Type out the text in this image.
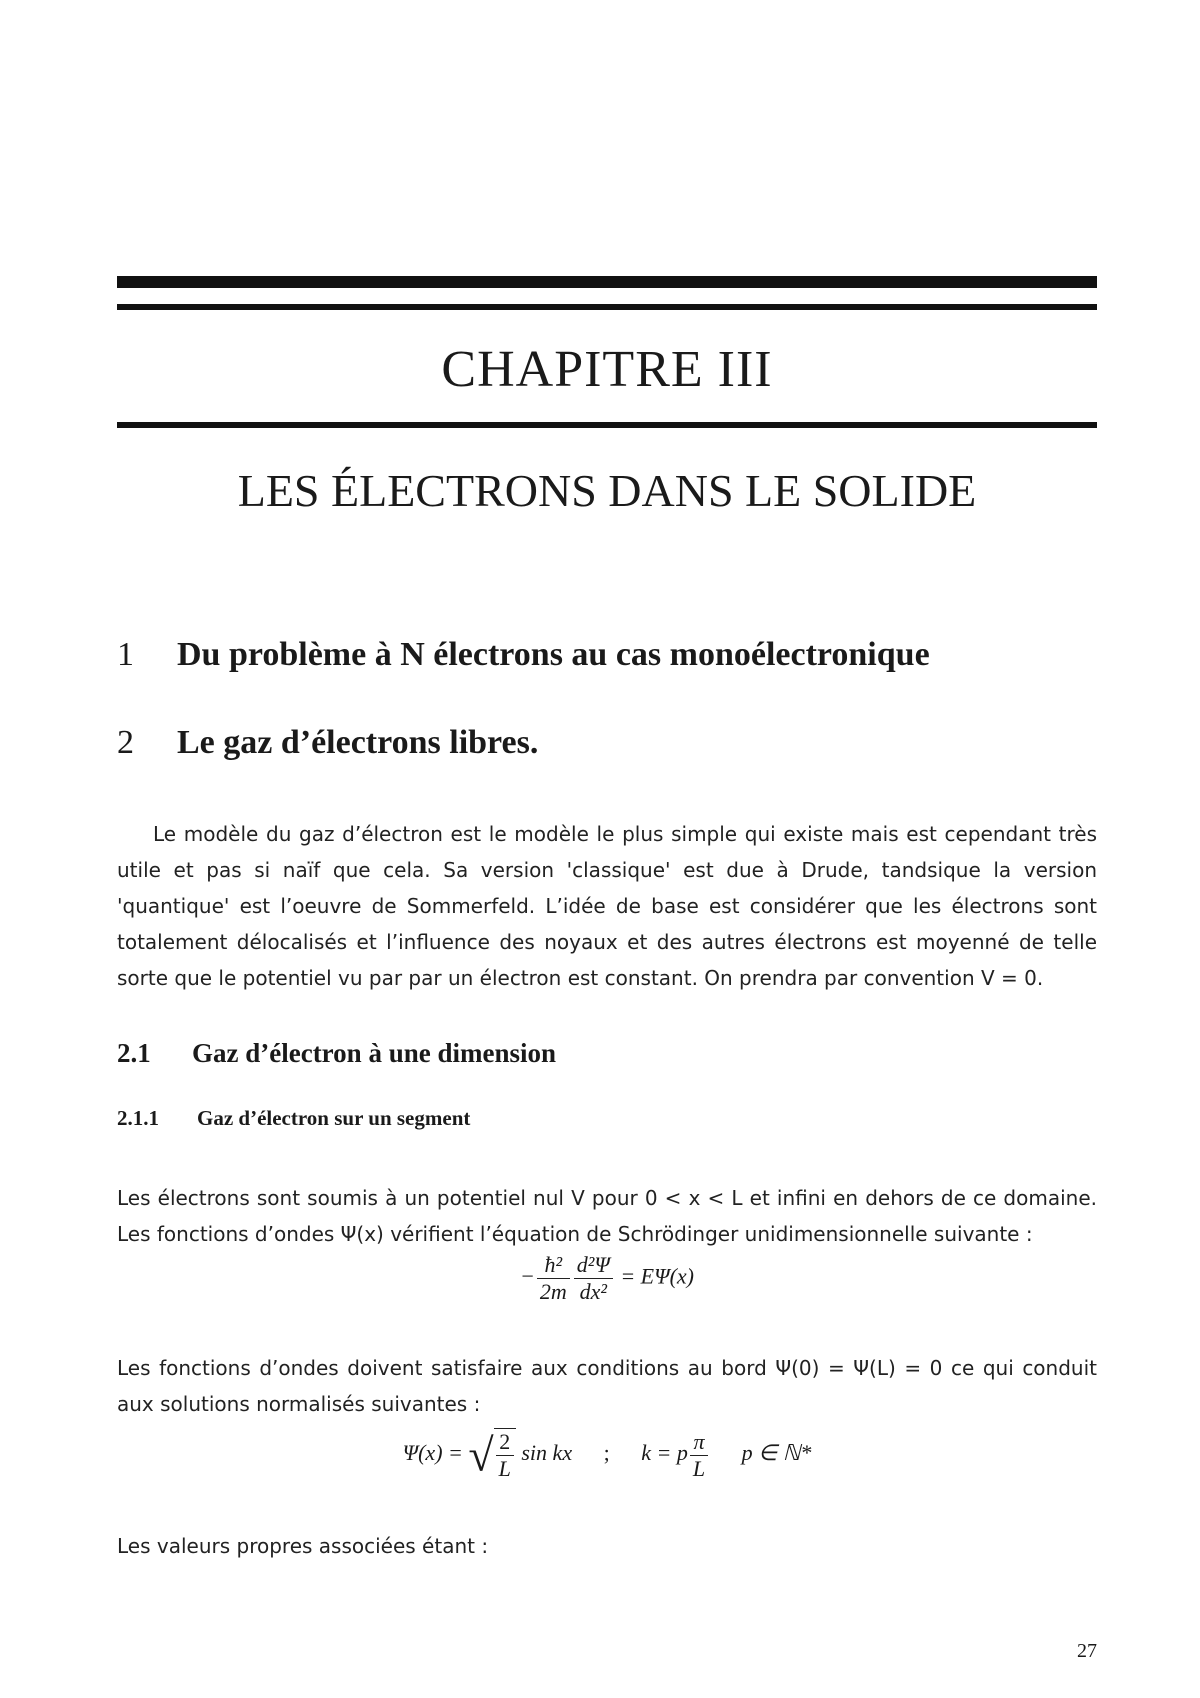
CHAPITRE III
LES ÉLECTRONS DANS LE SOLIDE
1 Du problème à N électrons au cas monoélectronique
2 Le gaz d’électrons libres.

Le modèle du gaz d’électron est le modèle le plus simple qui existe mais est cependant très utile et pas si naïf que cela. Sa version 'classique' est due à Drude, tandsique la version 'quantique' est l’oeuvre de Sommerfeld. L’idée de base est considérer que les électrons sont totalement délocalisés et l’influence des noyaux et des autres électrons est moyenné de telle sorte que le potentiel vu par par un électron est constant. On prendra par convention V = 0.

2.1 Gaz d’électron à une dimension
2.1.1 Gaz d’électron sur un segment

Les électrons sont soumis à un potentiel nul V pour 0 < x < L et infini en dehors de ce domaine. Les fonctions d’ondes Ψ(x) vérifient l’équation de Schrödinger unidimensionnelle suivante :

− $\frac{\text{ħ²}}{2m} \frac{\text{d²Ψ}}{\text{dx²}} = E\Psi(x)$

Les fonctions d’ondes doivent satisfaire aux conditions au bord Ψ(0) = Ψ(L) = 0 ce qui conduit aux solutions normalisés suivantes :

Ψ(x) = √ $\frac{2}{L}$ sin kx ; k = p $\frac{\pi}{L}$ p ∈ ℕ*

Les valeurs propres associées étant :

27
